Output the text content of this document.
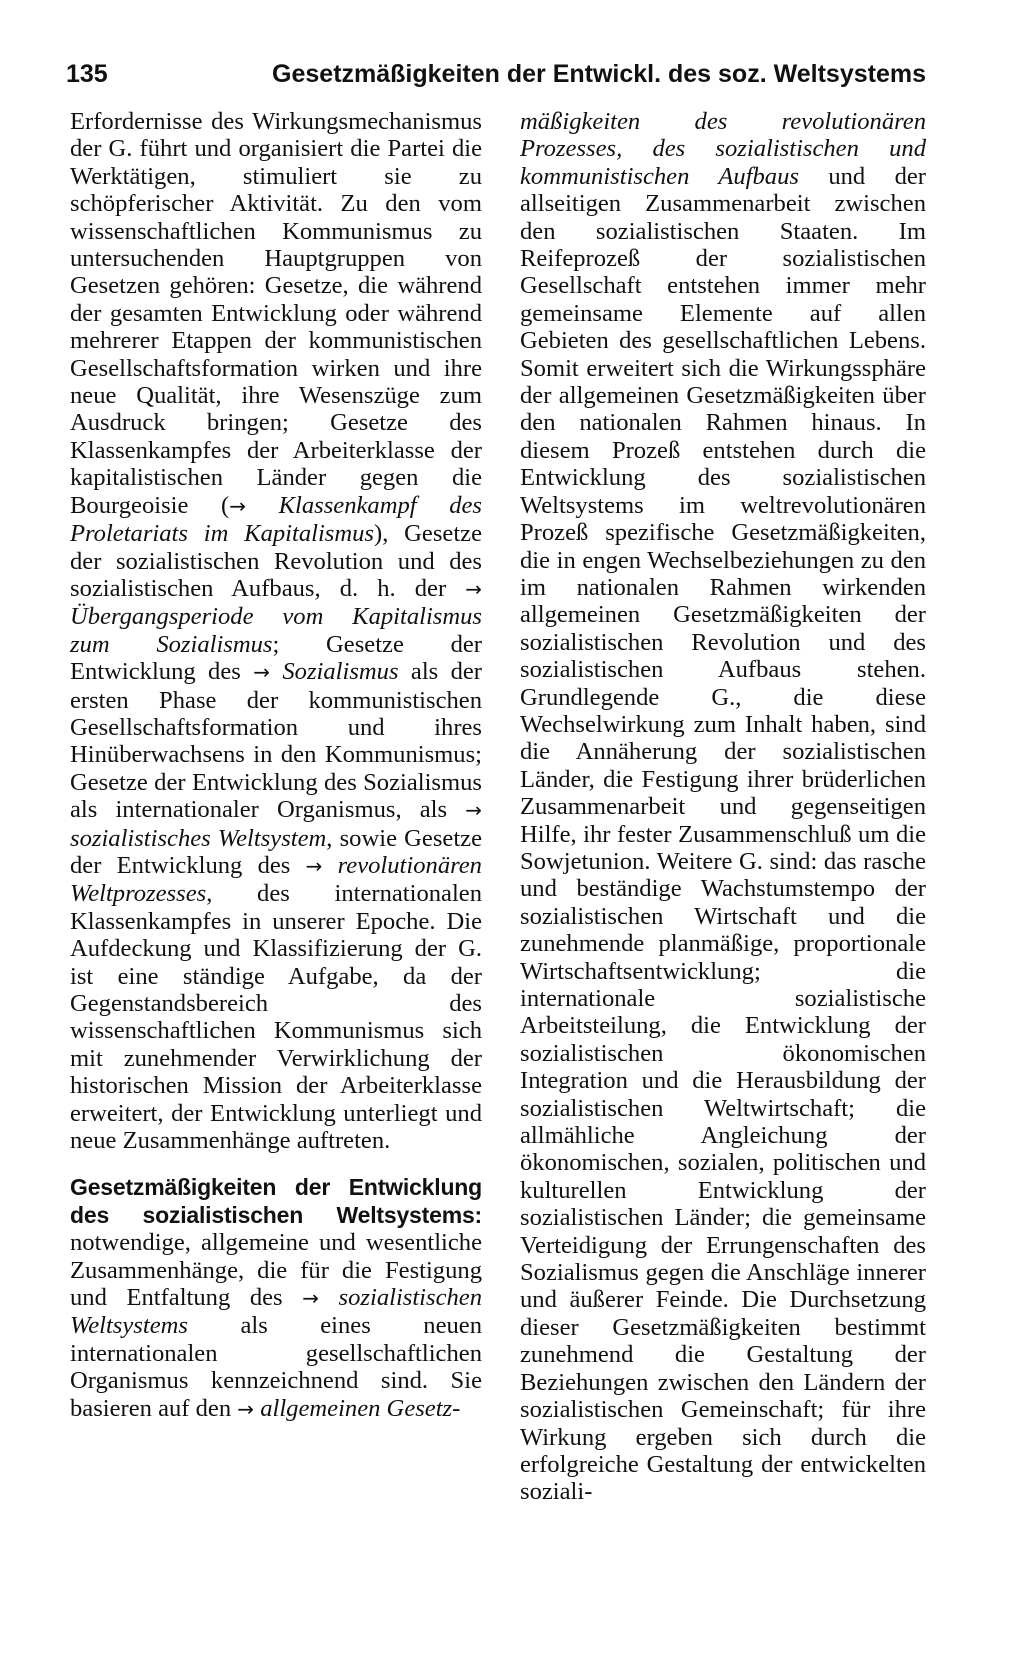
135	Gesetzmäßigkeiten der Entwickl. des soz. Weltsystems

Erfordernisse des Wirkungsmechanismus der G. führt und organisiert die Partei die Werktätigen, stimuliert sie zu schöpferischer Aktivität. Zu den vom wissenschaftlichen Kommunismus zu untersuchenden Hauptgruppen von Gesetzen gehören: Gesetze, die während der gesamten Entwicklung oder während mehrerer Etappen der kommunistischen Gesellschaftsformation wirken und ihre neue Qualität, ihre Wesenszüge zum Ausdruck bringen; Gesetze des Klassenkampfes der Arbeiterklasse der kapitalistischen Länder gegen die Bourgeoisie (→ Klassenkampf des Proletariats im Kapitalismus), Gesetze der sozialistischen Revolution und des sozialistischen Aufbaus, d. h. der → Übergangsperiode vom Kapitalismus zum Sozialismus; Gesetze der Entwicklung des → Sozialismus als der ersten Phase der kommunistischen Gesellschaftsformation und ihres Hinüberwachsens in den Kommunismus; Gesetze der Entwicklung des Sozialismus als internationaler Organismus, als → sozialistisches Weltsystem, sowie Gesetze der Entwicklung des → revolutionären Weltprozesses, des internationalen Klassenkampfes in unserer Epoche. Die Aufdeckung und Klassifizierung der G. ist eine ständige Aufgabe, da der Gegenstandsbereich des wissenschaftlichen Kommunismus sich mit zunehmender Verwirklichung der historischen Mission der Arbeiterklasse erweitert, der Entwicklung unterliegt und neue Zusammenhänge auftreten.

Gesetzmäßigkeiten der Entwicklung des sozialistischen Weltsystems: notwendige, allgemeine und wesentliche Zusammenhänge, die für die Festigung und Entfaltung des → sozialistischen Weltsystems als eines neuen internationalen gesellschaftlichen Organismus kennzeichnend sind. Sie basieren auf den → allgemeinen Gesetz-

mäßigkeiten des revolutionären Prozesses, des sozialistischen und kommunistischen Aufbaus und der allseitigen Zusammenarbeit zwischen den sozialistischen Staaten. Im Reifeprozeß der sozialistischen Gesellschaft entstehen immer mehr gemeinsame Elemente auf allen Gebieten des gesellschaftlichen Lebens. Somit erweitert sich die Wirkungssphäre der allgemeinen Gesetzmäßigkeiten über den nationalen Rahmen hinaus. In diesem Prozeß entstehen durch die Entwicklung des sozialistischen Weltsystems im weltrevolutionären Prozeß spezifische Gesetzmäßigkeiten, die in engen Wechselbeziehungen zu den im nationalen Rahmen wirkenden allgemeinen Gesetzmäßigkeiten der sozialistischen Revolution und des sozialistischen Aufbaus stehen. Grundlegende G., die diese Wechselwirkung zum Inhalt haben, sind die Annäherung der sozialistischen Länder, die Festigung ihrer brüderlichen Zusammenarbeit und gegenseitigen Hilfe, ihr fester Zusammenschluß um die Sowjetunion. Weitere G. sind: das rasche und beständige Wachstumstempo der sozialistischen Wirtschaft und die zunehmende planmäßige, proportionale Wirtschaftsentwicklung; die internationale sozialistische Arbeitsteilung, die Entwicklung der sozialistischen ökonomischen Integration und die Herausbildung der sozialistischen Weltwirtschaft; die allmähliche Angleichung der ökonomischen, sozialen, politischen und kulturellen Entwicklung der sozialistischen Länder; die gemeinsame Verteidigung der Errungenschaften des Sozialismus gegen die Anschläge innerer und äußerer Feinde. Die Durchsetzung dieser Gesetzmäßigkeiten bestimmt zunehmend die Gestaltung der Beziehungen zwischen den Ländern der sozialistischen Gemeinschaft; für ihre Wirkung ergeben sich durch die erfolgreiche Gestaltung der entwickelten soziali-
